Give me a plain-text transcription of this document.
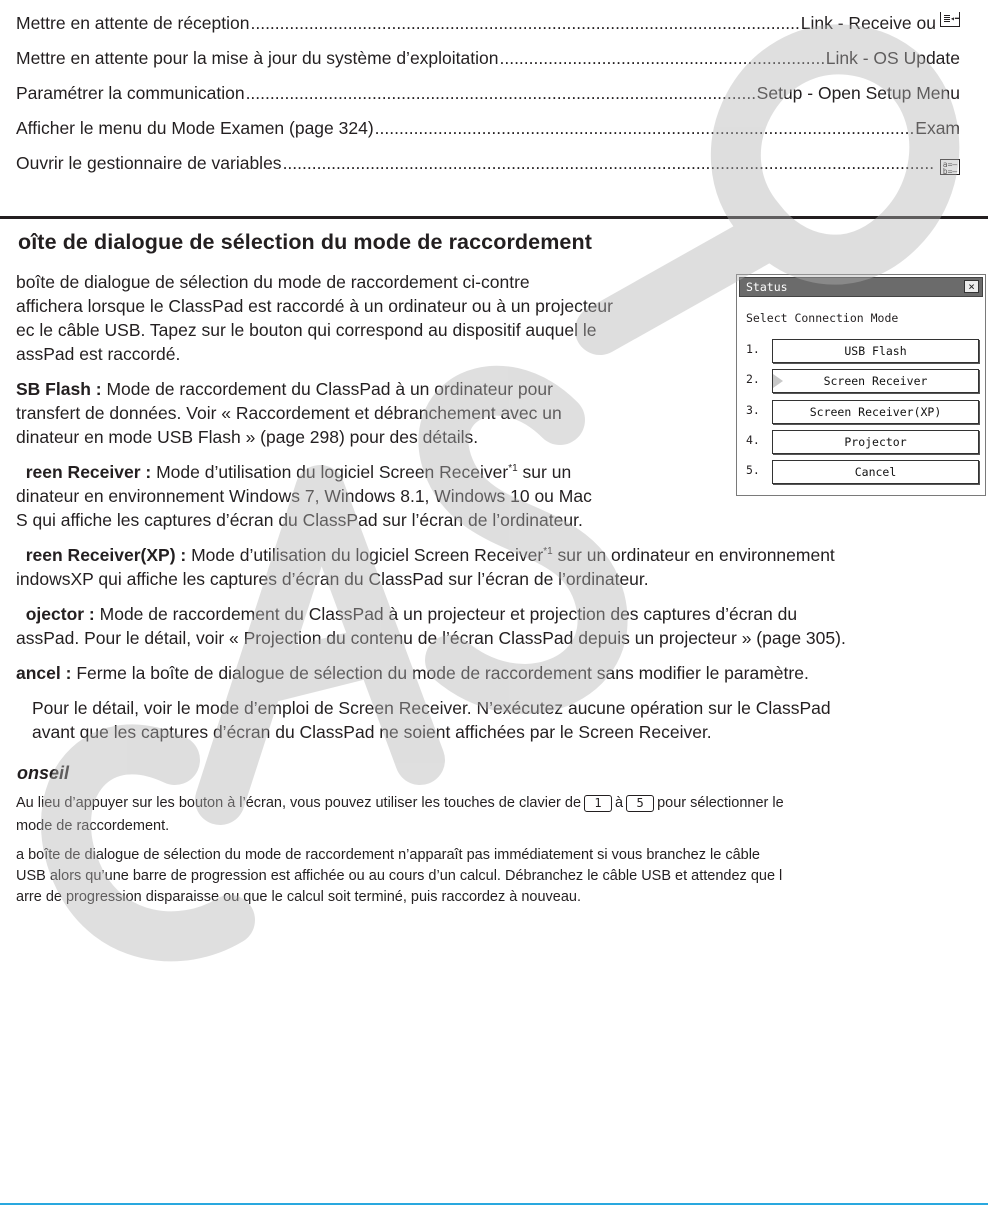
Mettre en attente de réception .....	Link - Receive ou
◂━
Mettre en attente pour la mise à jour du système d’exploitation .....	Link - OS Update
Paramétrer la communication .....	Setup - Open Setup Menu
Afficher le menu du Mode Examen (page 324) .....	Exam
Ouvrir le gestionnaire de variables .....	a=–
b=–
oîte de dialogue de sélection du mode de raccordement

boîte de dialogue de sélection du mode de raccordement ci-contre

affichera lorsque le ClassPad est raccordé à un ordinateur ou à un projecteur

ec le câble USB. Tapez sur le bouton qui correspond au dispositif auquel le

assPad est raccordé.

SB Flash : Mode de raccordement du ClassPad à un ordinateur pour

transfert de données. Voir « Raccordement et débranchement avec un

dinateur en mode USB Flash » (page 298) pour des détails.

reen Receiver : Mode d’utilisation du logiciel Screen Receiver$^{*1}$ sur un

dinateur en environnement Windows 7, Windows 8.1, Windows 10 ou Mac

S qui affiche les captures d’écran du ClassPad sur l’écran de l’ordinateur.

reen Receiver(XP) : Mode d’utilisation du logiciel Screen Receiver$^{*1}$ sur un ordinateur en environnement

indowsXP qui affiche les captures d’écran du ClassPad sur l’écran de l’ordinateur.

ojector : Mode de raccordement du ClassPad à un projecteur et projection des captures d’écran du

assPad. Pour le détail, voir « Projection du contenu de l’écran ClassPad depuis un projecteur » (page 305).

ancel : Ferme la boîte de dialogue de sélection du mode de raccordement sans modifier le paramètre.

Pour le détail, voir le mode d’emploi de Screen Receiver. N’exécutez aucune opération sur le ClassPad

avant que les captures d’écran du ClassPad ne soient affichées par le Screen Receiver.

Status	×
Select Connection Mode
1.	USB Flash
2.	Screen Receiver
3.	Screen Receiver(XP)
4.	Projector
5.	Cancel
onseil

Au lieu d’appuyer sur les bouton à l’écran, vous pouvez utiliser les touches de clavier de 1 à 5 pour sélectionner le

mode de raccordement.

a boîte de dialogue de sélection du mode de raccordement n’apparaît pas immédiatement si vous branchez le câble

USB alors qu’une barre de progression est affichée ou au cours d’un calcul. Débranchez le câble USB et attendez que l

arre de progression disparaisse ou que le calcul soit terminé, puis raccordez à nouveau.
